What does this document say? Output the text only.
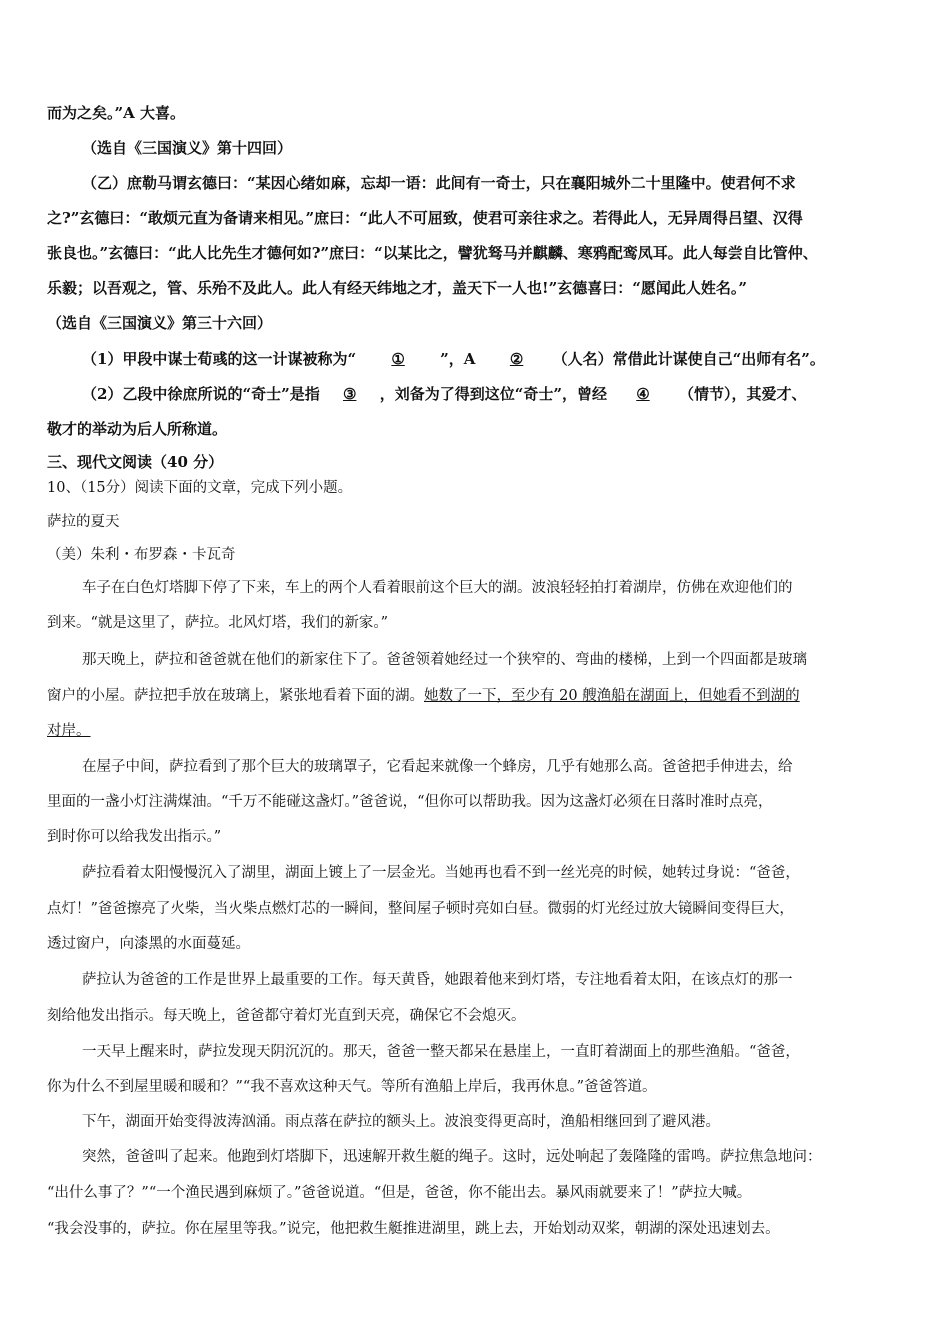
而为之矣。”A 大喜。
（选自《三国演义》第十四回）
（乙）庶勒马谓玄德曰：“某因心绪如麻，忘却一语：此间有一奇士，只在襄阳城外二十里隆中。使君何不求
之?”玄德曰：“敢烦元直为备请来相见。”庶曰：“此人不可屈致，使君可亲往求之。若得此人，无异周得吕望、汉得
张良也。”玄德曰：“此人比先生才德何如?”庶曰：“以某比之，譬犹驽马并麒麟、寒鸦配鸾凤耳。此人每尝自比管仲、
乐毅；以吾观之，管、乐殆不及此人。此人有经天纬地之才，盖天下一人也!”玄德喜曰：“愿闻此人姓名。”
（选自《三国演义》第三十六回）
（1）甲段中谋士荀彧的这一计谋被称为“ ① ”，A ② （人名）常借此计谋使自己“出师有名”。
（2）乙段中徐庶所说的“奇士”是指 ③ ，刘备为了得到这位“奇士”，曾经 ④ （情节），其爱才、
敬才的举动为后人所称道。
三、现代文阅读（40 分）
10、（15分）阅读下面的文章，完成下列小题。
萨拉的夏天
（美）朱利・布罗森・卡瓦奇
车子在白色灯塔脚下停了下来，车上的两个人看着眼前这个巨大的湖。波浪轻轻拍打着湖岸，仿佛在欢迎他们的
到来。“就是这里了，萨拉。北风灯塔，我们的新家。”
那天晚上，萨拉和爸爸就在他们的新家住下了。爸爸领着她经过一个狭窄的、弯曲的楼梯，上到一个四面都是玻璃
窗户的小屋。萨拉把手放在玻璃上，紧张地看着下面的湖。她数了一下，至少有 20 艘渔船在湖面上，但她看不到湖的
对岸。
在屋子中间，萨拉看到了那个巨大的玻璃罩子，它看起来就像一个蜂房，几乎有她那么高。爸爸把手伸进去，给
里面的一盏小灯注满煤油。“千万不能碰这盏灯。”爸爸说，“但你可以帮助我。因为这盏灯必须在日落时准时点亮，
到时你可以给我发出指示。”
萨拉看着太阳慢慢沉入了湖里，湖面上镀上了一层金光。当她再也看不到一丝光亮的时候，她转过身说：“爸爸，
点灯！”爸爸擦亮了火柴，当火柴点燃灯芯的一瞬间，整间屋子顿时亮如白昼。微弱的灯光经过放大镜瞬间变得巨大，
透过窗户，向漆黑的水面蔓延。
萨拉认为爸爸的工作是世界上最重要的工作。每天黄昏，她跟着他来到灯塔，专注地看着太阳，在该点灯的那一
刻给他发出指示。每天晚上，爸爸都守着灯光直到天亮，确保它不会熄灭。
一天早上醒来时，萨拉发现天阴沉沉的。那天，爸爸一整天都呆在悬崖上，一直盯着湖面上的那些渔船。“爸爸，
你为什么不到屋里暖和暖和？”“我不喜欢这种天气。等所有渔船上岸后，我再休息。”爸爸答道。
下午，湖面开始变得波涛汹涌。雨点落在萨拉的额头上。波浪变得更高时，渔船相继回到了避风港。
突然，爸爸叫了起来。他跑到灯塔脚下，迅速解开救生艇的绳子。这时，远处响起了轰隆隆的雷鸣。萨拉焦急地问：
“出什么事了？”“一个渔民遇到麻烦了。”爸爸说道。“但是，爸爸，你不能出去。暴风雨就要来了！”萨拉大喊。
“我会没事的，萨拉。你在屋里等我。”说完，他把救生艇推进湖里，跳上去，开始划动双桨，朝湖的深处迅速划去。
